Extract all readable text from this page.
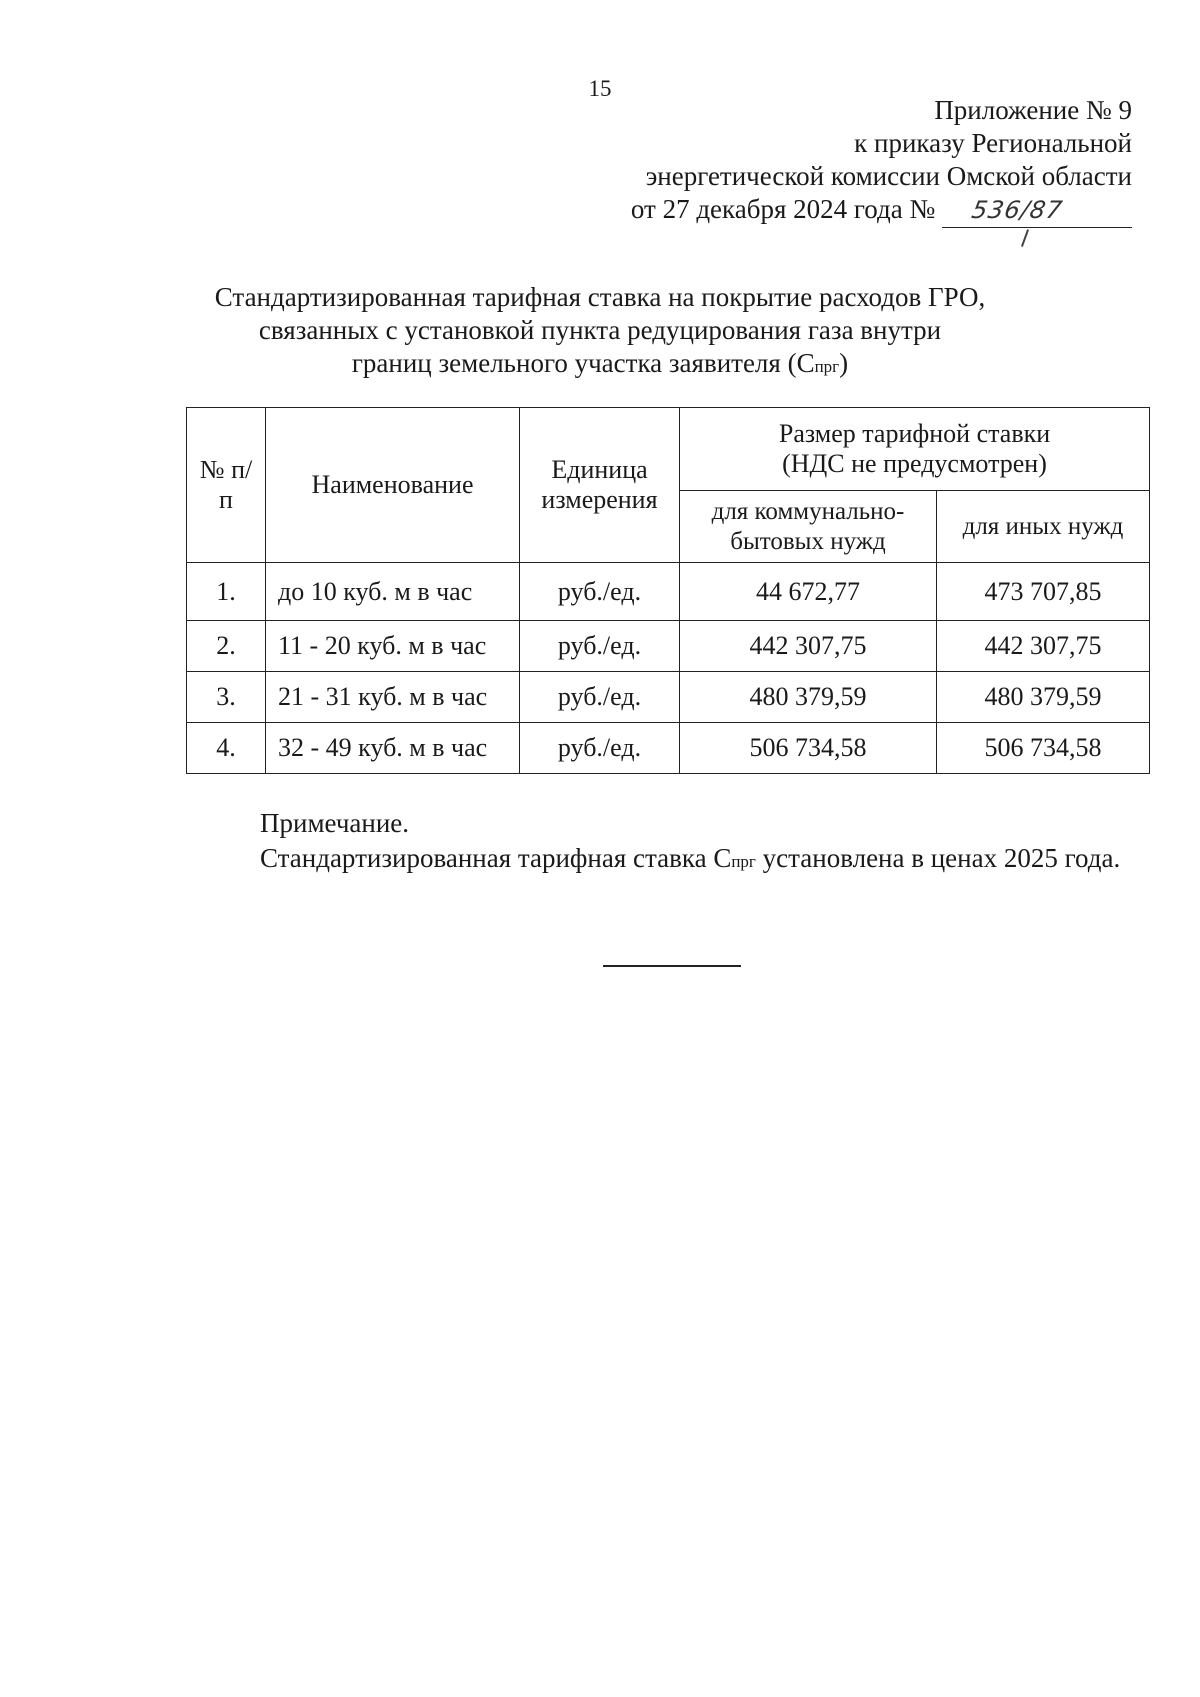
15
Приложение № 9
к приказу Региональной
энергетической комиссии Омской области
от 27 декабря 2024 года № 536/87
Стандартизированная тарифная ставка на покрытие расходов ГРО,
связанных с установкой пункта редуцирования газа внутри
границ земельного участка заявителя (Спрг)
№ п/п	Наименование	Единица измерения	Размер тарифной ставки
(НДС не предусмотрен)	

			для коммунально-бытовых нужд	для иных нужд
1.	до 10 куб. м в час	руб./ед.	44 672,77	473 707,85
2.	11 - 20 куб. м в час	руб./ед.	442 307,75	442 307,75
3.	21 - 31 куб. м в час	руб./ед.	480 379,59	480 379,59
4.	32 - 49 куб. м в час	руб./ед.	506 734,58	506 734,58
Примечание.
Стандартизированная тарифная ставка Спрг установлена в ценах 2025 года.
